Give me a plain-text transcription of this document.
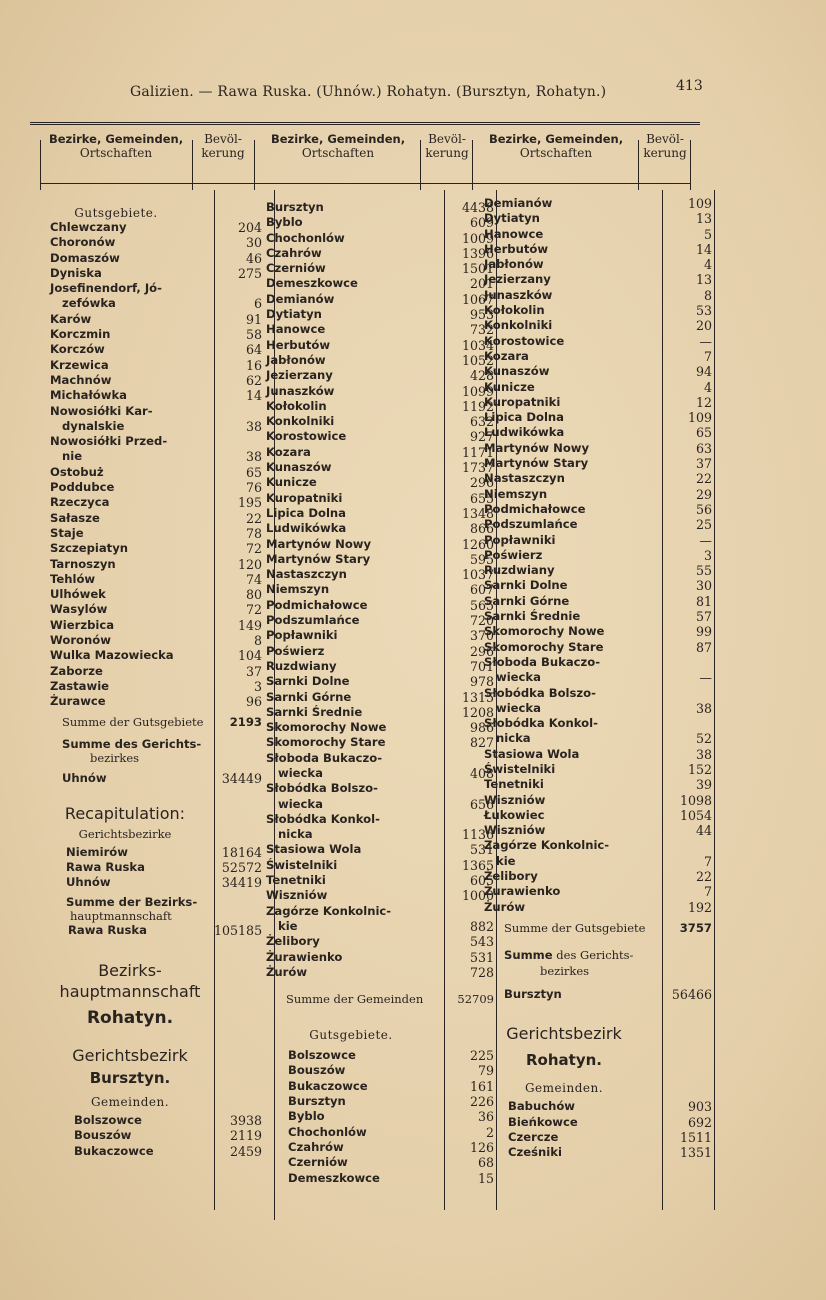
Galizien. — Rawa Ruska. (Uhnów.) Rohatyn. (Bursztyn, Rohatyn.)	413
Bezirke, Gemeinden,
Ortschaften
Bevöl-
kerung
Bezirke, Gemeinden,
Ortschaften
Bevöl-
kerung
Bezirke, Gemeinden,
Ortschaften
Bevöl-
kerung
Gutsgebiete.
Chlewczany	204
Choronów	30
Domaszów	46
Dyniska	275
Josefinendorf, Jó-
zefówka	6
Karów	91
Korczmin	58
Korczów	64
Krzewica	16
Machnów	62
Michałówka	14
Nowosiółki Kar-
dynalskie	38
Nowosiółki Przed-
nie	38
Ostobuż	65
Poddubce	76
Rzeczyca	195
Sałasze	22
Staje	78
Szczepiatyn	72
Tarnoszyn	120
Tehlów	74
Ulhówek	80
Wasylów	72
Wierzbica	149
Woronów	8
Wulka Mazowiecka	104
Zaborze	37
Zastawie	3
Żurawce	96
Summe der Gutsgebiete	2193
Summe des Gerichts-
bezirkes
Uhnów	34449
Recapitulation:
Gerichtsbezirke
Niemirów	18164
Rawa Ruska	52572
Uhnów	34419
Summe der Bezirks-
hauptmannschaft
Rawa Ruska	105185
Bezirks-
hauptmannschaft
Rohatyn.
Gerichtsbezirk
Bursztyn.
Gemeinden.
Bolszowce	3938
Bouszów	2119
Bukaczowce	2459
Bursztyn	4438
Byblo	609
Chochonlów	1009
Czahrów	1396
Czerniów	1501
Demeszkowce	201
Demianów	1067
Dytiatyn	953
Hanowce	732
Herbutów	1034
Jabłonów	1052
Jezierzany	428
Junaszków	1099
Kołokolin	1192
Konkolniki	632
Korostowice	927
Kozara	1171
Kunaszów	1737
Kunicze	296
Kuropatniki	655
Lipica Dolna	1348
Ludwikówka	866
Martynów Nowy	1260
Martynów Stary	595
Nastaszczyn	1037
Niemszyn	607
Podmichałowce	565
Podszumlańce	720
Popławniki	370
Poświerz	296
Ruzdwiany	701
Sarnki Dolne	978
Sarnki Górne	1315
Sarnki Średnie	1208
Skomorochy Nowe	986
Skomorochy Stare	827
Słoboda Bukaczo-
wiecka	408
Słobódka Bolszo-
wiecka	656
Słobódka Konkol-
nicka	1136
Stasiowa Wola	531
Świstelniki	1365
Tenetniki	605
Wiszniów	1000
Zagórze Konkolnic-
kie	882
Żelibory	543
Żurawienko	531
Żurów	728
Summe der Gemeinden	52709
Gutsgebiete.
Bolszowce	225
Bouszów	79
Bukaczowce	161
Bursztyn	226
Byblo	36
Chochonlów	2
Czahrów	126
Czerniów	68
Demeszkowce	15
Demianów	109
Dytiatyn	13
Hanowce	5
Herbutów	14
Jabłonów	4
Jezierzany	13
Junaszków	8
Kołokolin	53
Konkolniki	20
Korostowice	—
Kozara	7
Kunaszów	94
Kunicze	4
Kuropatniki	12
Lipica Dolna	109
Ludwikówka	65
Martynów Nowy	63
Martynów Stary	37
Nastaszczyn	22
Niemszyn	29
Podmichałowce	56
Podszumlańce	25
Popławniki	—
Poświerz	3
Ruzdwiany	55
Sarnki Dolne	30
Sarnki Górne	81
Sarnki Średnie	57
Skomorochy Nowe	99
Skomorochy Stare	87
Słoboda Bukaczo-
wiecka	—
Słobódka Bolszo-
wiecka	38
Słobódka Konkol-
nicka	52
Stasiowa Wola	38
Świstelniki	152
Tenetniki	39
Wiszniów	1098
Łukowiec	1054
Wiszniów	44
Zagórze Konkolnic-
kie	7
Żelibory	22
Żurawienko	7
Żurów	192
Summe der Gutsgebiete	3757
Summe des Gerichts-
bezirkes
Bursztyn	56466
Gerichtsbezirk
Rohatyn.
Gemeinden.
Babuchów	903
Bieńkowce	692
Czercze	1511
Cześniki	1351
